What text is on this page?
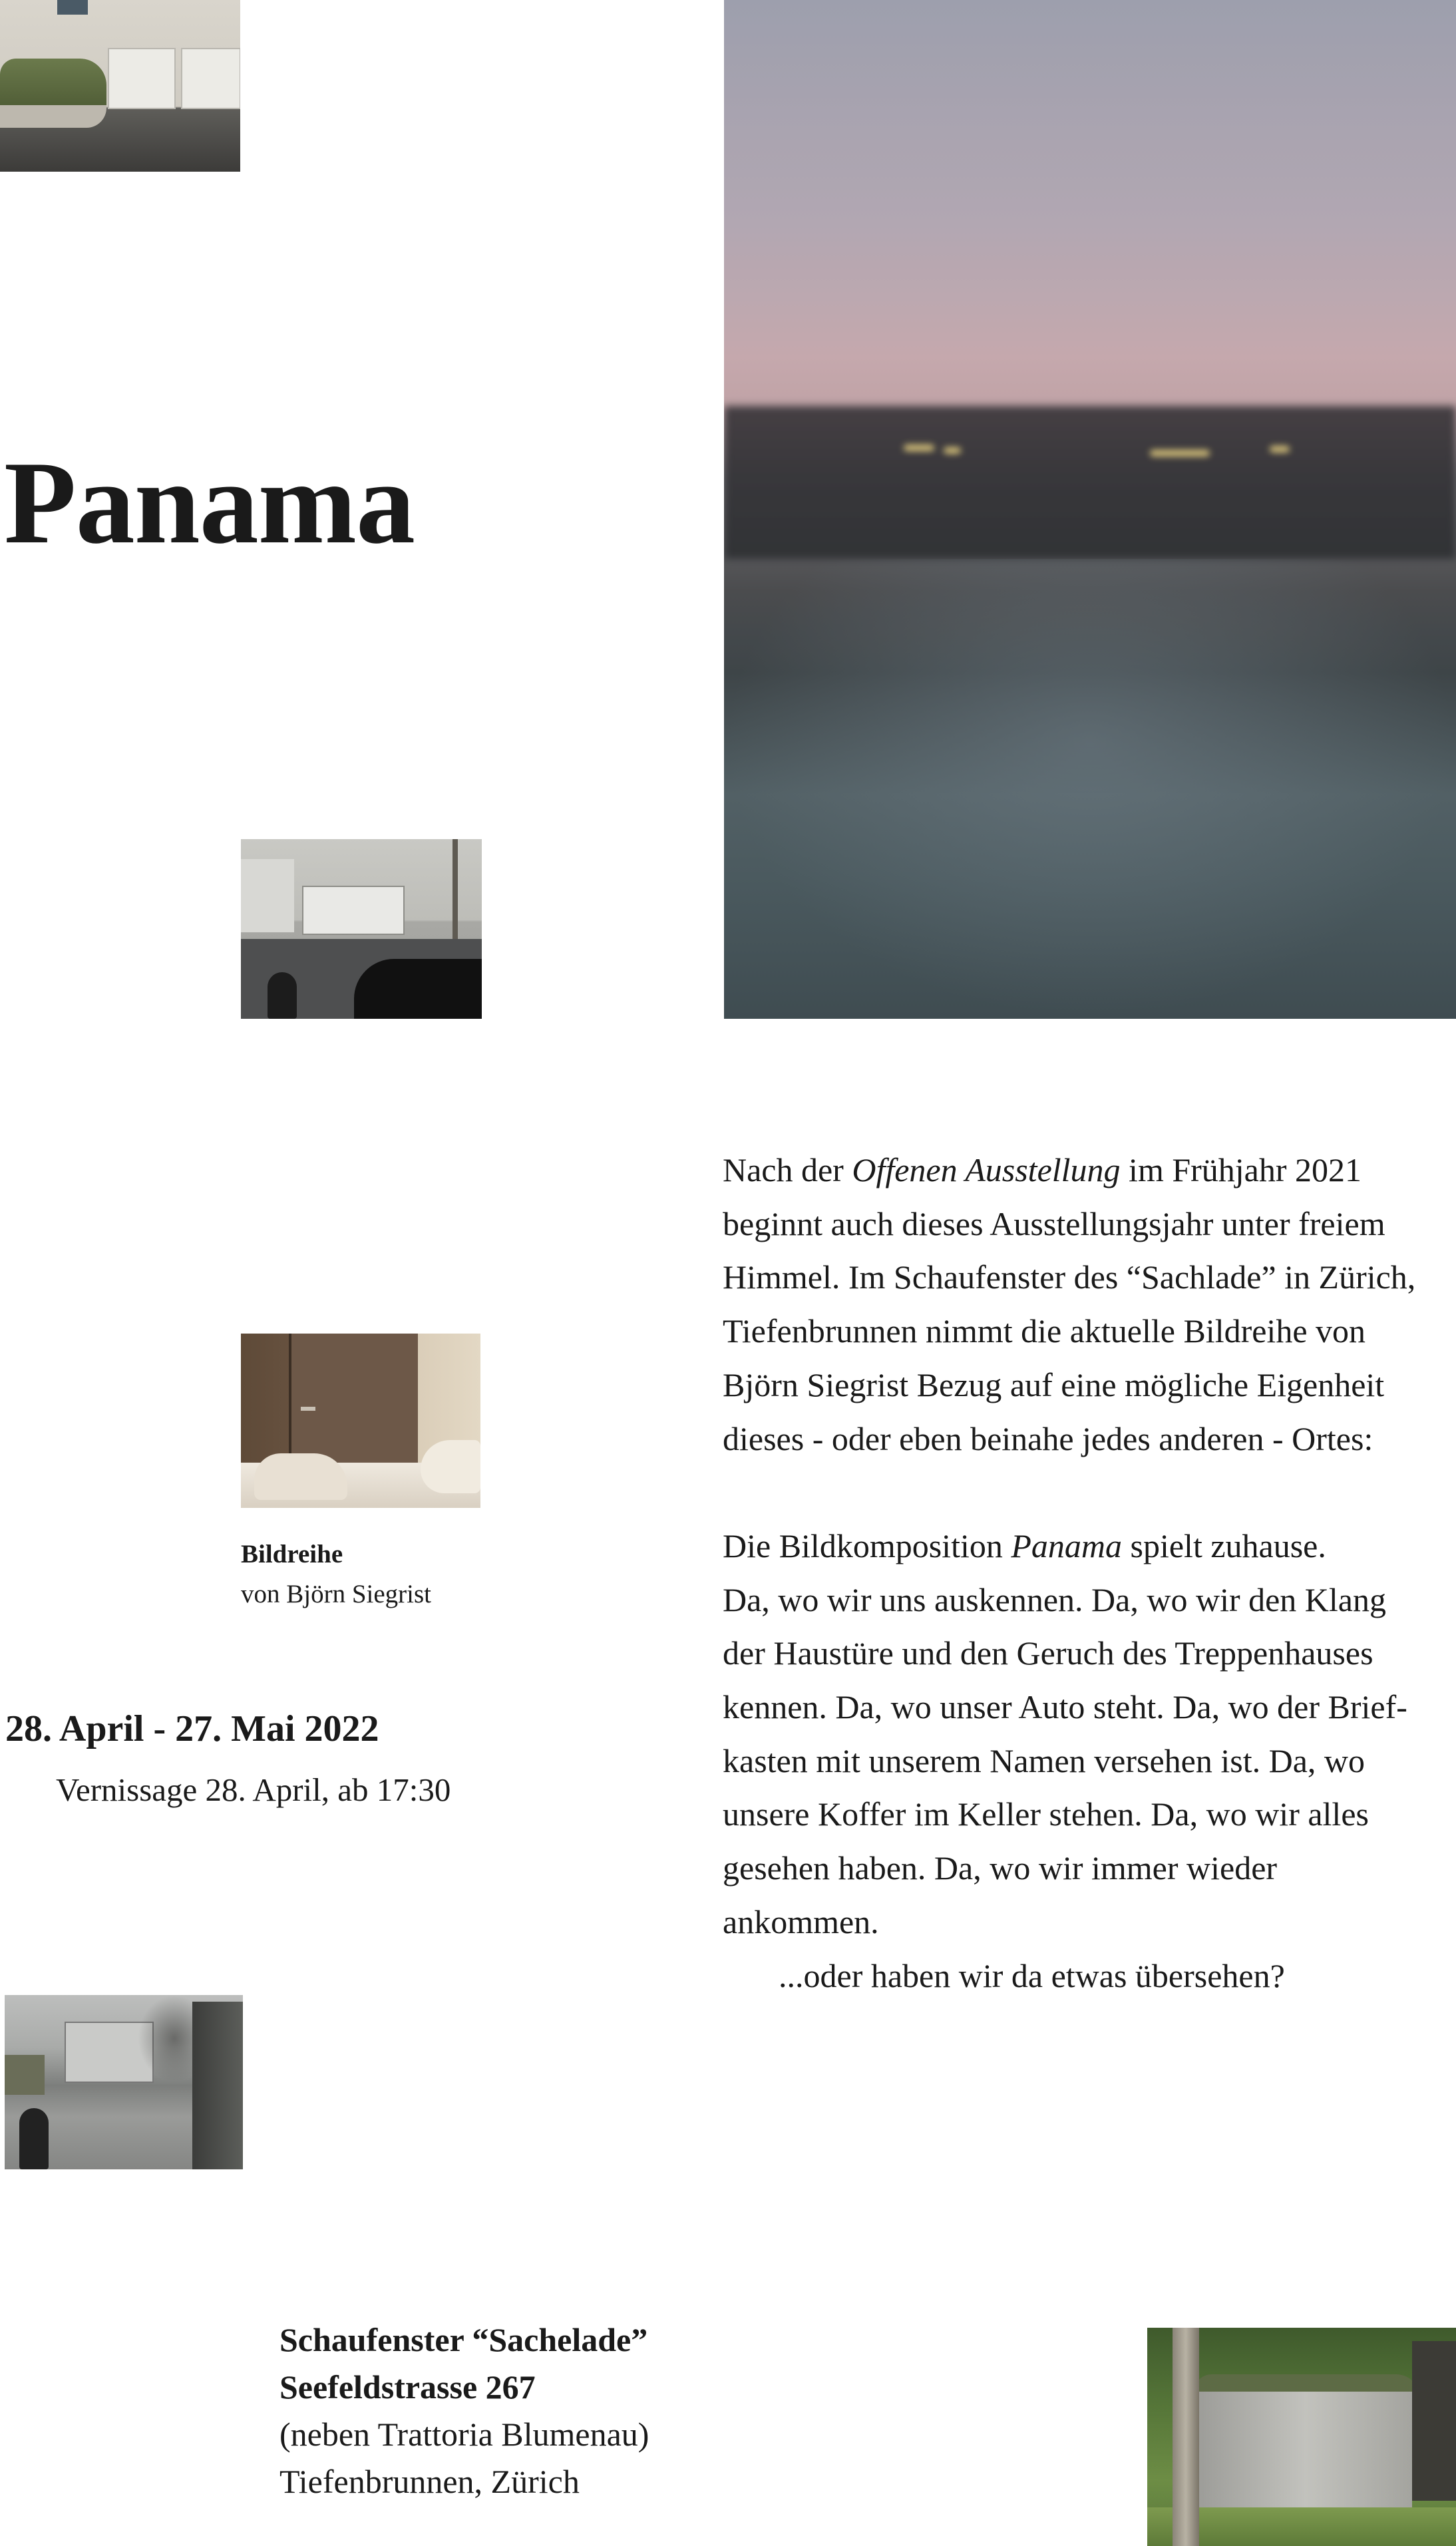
Panama
Bildreihe
von Björn Siegrist
28. April - 27. Mai 2022
Vernissage 28. April, ab 17:30

Nach der Offenen Ausstellung im Frühjahr 2021

beginnt auch dieses Ausstellungsjahr unter freiem

Himmel. Im Schaufenster des “Sachlade” in Zürich,

Tiefenbrunnen nimmt die aktuelle Bildreihe von

Björn Siegrist Bezug auf eine mögliche Eigenheit

dieses - oder eben beinahe jedes anderen - Ortes:

Die Bildkomposition Panama spielt zuhause.

Da, wo wir uns auskennen. Da, wo wir den Klang

der Haustüre und den Geruch des Treppenhauses

kennen. Da, wo unser Auto steht. Da, wo der Brief-

kasten mit unserem Namen versehen ist. Da, wo

unsere Koffer im Keller stehen. Da, wo wir alles

gesehen haben. Da, wo wir immer wieder

ankommen.

...oder haben wir da etwas übersehen?

Schaufenster “Sachelade”
Seefeldstrasse 267
(neben Trattoria Blumenau)
Tiefenbrunnen, Zürich
